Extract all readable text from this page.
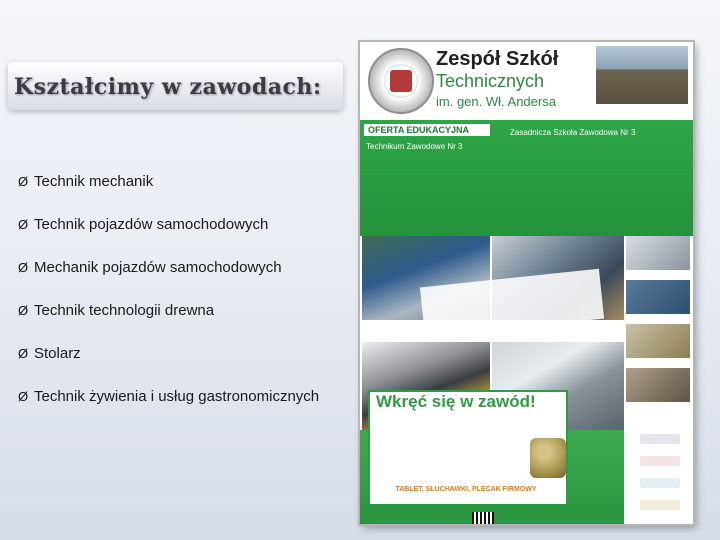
Kształcimy w zawodach:
Ø Technik mechanik
Ø Technik pojazdów samochodowych
Ø Mechanik pojazdów samochodowych
Ø Technik technologii drewna
Ø Stolarz
Ø Technik żywienia i usług gastronomicznych
Zespół Szkół
Technicznych
im. gen. Wł. Andersa
OFERTA EDUKACYJNA
Technikum Zawodowe Nr 3
Zasadnicza Szkoła Zawodowa Nr 3
Wkręć się w zawód!
TABLET, SŁUCHAWKI, PLECAK FIRMOWY
